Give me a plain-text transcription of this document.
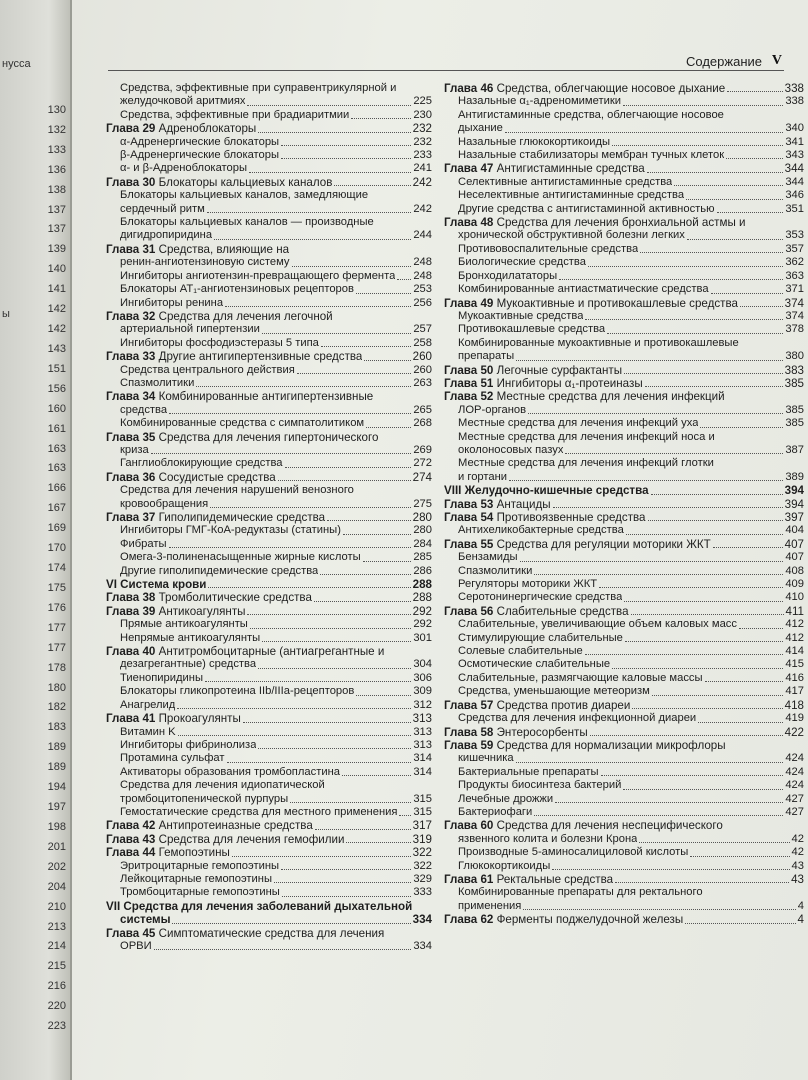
130
132
133
136
138
137
137
139
140
141
142
142
143
151
156
160
161
163
163
166
167
169
170
174
175
176
177
177
178
180
182
183
189
189
194
197
198
201
202
204
210
213
214
215
216
220
223
нусса
ы
Содержание V
Средства, эффективные при суправентрикулярной и
желудочковой аритмиях	225
Средства, эффективные при брадиаритмии	230
Глава 29 Адреноблокаторы	232
α-Адренергические блокаторы	232
β-Адренергические блокаторы	233
α- и β-Адреноблокаторы	241
Глава 30 Блокаторы кальциевых каналов	242
Блокаторы кальциевых каналов, замедляющие
сердечный ритм	242
Блокаторы кальциевых каналов — производные
дигидропиридина	244
Глава 31 Средства, влияющие на
ренин-ангиотензиновую систему	248
Ингибиторы ангиотензин-превращающего фермента 248
Блокаторы AT₁-ангиотензиновых рецепторов	253
Ингибиторы ренина	256
Глава 32 Средства для лечения легочной
артериальной гипертензии	257
Ингибиторы фосфодиэстеразы 5 типа	258
Глава 33 Другие антигипертензивные средства	260
Средства центрального действия	260
Спазмолитики	263
Глава 34 Комбинированные антигипертензивные
средства	265
Комбинированные средства с симпатолитиком	268
Глава 35 Средства для лечения гипертонического
криза	269
Ганглиоблокирующие средства	272
Глава 36 Сосудистые средства	274
Средства для лечения нарушений венозного
кровообращения	275
Глава 37 Гиполипидемические средства	280
Ингибиторы ГМГ-КоА-редуктазы (статины)	280
Фибраты	284
Омега-3-полиненасыщенные жирные кислоты	285
Другие гиполипидемические средства	286
VI Система крови	288
Глава 38 Тромболитические средства	288
Глава 39 Антикоагулянты	292
Прямые антикоагулянты	292
Непрямые антикоагулянты	301
Глава 40 Антитромбоцитарные (антиагрегантные и
дезагрегантные) средства	304
Тиенопиридины	306
Блокаторы гликопротеина IIb/IIIa-рецепторов	309
Анагрелид	312
Глава 41 Прокоагулянты	313
Витамин K	313
Ингибиторы фибринолиза	313
Протамина сульфат	314
Активаторы образования тромбопластина	314
Средства для лечения идиопатической
тромбоцитопенической пурпуры	315
Гемостатические средства для местного применения 315
Глава 42 Антипротеиназные средства	317
Глава 43 Средства для лечения гемофилии	319
Глава 44 Гемопоэтины	322
Эритроцитарные гемопоэтины	322
Лейкоцитарные гемопоэтины	329
Тромбоцитарные гемопоэтины	333
VII Средства для лечения заболеваний дыхательной
системы	334
Глава 45 Симптоматические средства для лечения
ОРВИ	334
Глава 46 Средства, облегчающие носовое дыхание	338
Назальные α₁-адреномиметики	338
Антигистаминные средства, облегчающие носовое
дыхание	340
Назальные глюкокортикоиды	341
Назальные стабилизаторы мембран тучных клеток	343
Глава 47 Антигистаминные средства	344
Селективные антигистаминные средства	344
Неселективные антигистаминные средства	346
Другие средства с антигистаминной активностью	351
Глава 48 Средства для лечения бронхиальной астмы и
хронической обструктивной болезни легких	353
Противовоспалительные средства	357
Биологические средства	362
Бронходилататоры	363
Комбинированные антиастматические средства	371
Глава 49 Мукоактивные и противокашлевые средства	374
Мукоактивные средства	374
Противокашлевые средства	378
Комбинированные мукоактивные и противокашлевые
препараты	380
Глава 50 Легочные сурфактанты	383
Глава 51 Ингибиторы α₁-протеиназы	385
Глава 52 Местные средства для лечения инфекций
ЛОР-органов	385
Местные средства для лечения инфекций уха	385
Местные средства для лечения инфекций носа и
околоносовых пазух	387
Местные средства для лечения инфекций глотки
и гортани	389
VIII Желудочно-кишечные средства	394
Глава 53 Антациды	394
Глава 54 Противоязвенные средства	397
Антихеликобактерные средства	404
Глава 55 Средства для регуляции моторики ЖКТ	407
Бензамиды	407
Спазмолитики	408
Регуляторы моторики ЖКТ	409
Серотонинергические средства	410
Глава 56 Слабительные средства	411
Слабительные, увеличивающие объем каловых масс	412
Стимулирующие слабительные	412
Солевые слабительные	414
Осмотические слабительные	415
Слабительные, размягчающие каловые массы	416
Средства, уменьшающие метеоризм	417
Глава 57 Средства против диареи	418
Средства для лечения инфекционной диареи	419
Глава 58 Энтеросорбенты	422
Глава 59 Средства для нормализации микрофлоры
кишечника	424
Бактериальные препараты	424
Продукты биосинтеза бактерий	424
Лечебные дрожжи	427
Бактериофаги	427
Глава 60 Средства для лечения неспецифического
язвенного колита и болезни Крона	42
Производные 5-аминосалициловой кислоты	42
Глюкокортикоиды	43
Глава 61 Ректальные средства	43
Комбинированные препараты для ректального
применения	4
Глава 62 Ферменты поджелудочной железы	4
